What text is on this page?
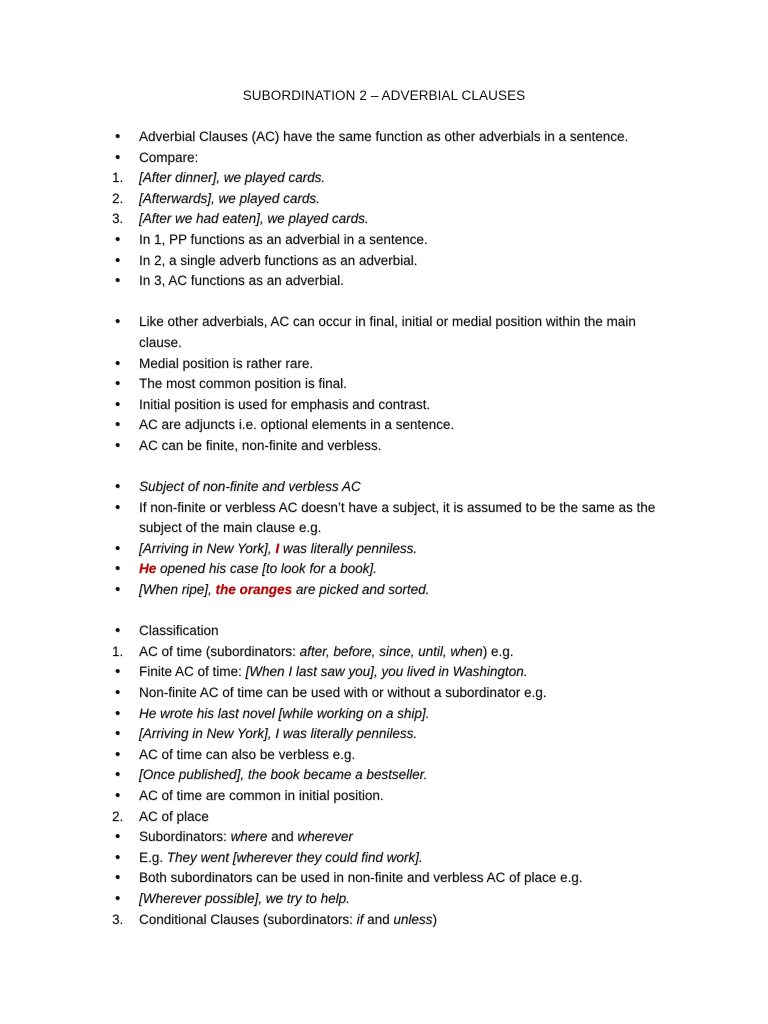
SUBORDINATION 2 – ADVERBIAL CLAUSES
•	Adverbial Clauses (AC) have the same function as other adverbials in a sentence.
•	Compare:
1.	[After dinner], we played cards.
2.	[Afterwards], we played cards.
3.	[After we had eaten], we played cards.
•	In 1, PP functions as an adverbial in a sentence.
•	In 2, a single adverb functions as an adverbial.
•	In 3, AC functions as an adverbial.
•	Like other adverbials, AC can occur in final, initial or medial position within the main clause.
•	Medial position is rather rare.
•	The most common position is final.
•	Initial position is used for emphasis and contrast.
•	AC are adjuncts i.e. optional elements in a sentence.
•	AC can be finite, non-finite and verbless.
•	Subject of non-finite and verbless AC
•	If non-finite or verbless AC doesn’t have a subject, it is assumed to be the same as the subject of the main clause e.g.
•	[Arriving in New York], I was literally penniless.
•	He opened his case [to look for a book].
•	[When ripe], the oranges are picked and sorted.
•	Classification
1.	AC of time (subordinators: after, before, since, until, when) e.g.
•	Finite AC of time: [When I last saw you], you lived in Washington.
•	Non-finite AC of time can be used with or without a subordinator e.g.
•	He wrote his last novel [while working on a ship].
•	[Arriving in New York], I was literally penniless.
•	AC of time can also be verbless e.g.
•	[Once published], the book became a bestseller.
•	AC of time are common in initial position.
2.	AC of place
•	Subordinators: where and wherever
•	E.g. They went [wherever they could find work].
•	Both subordinators can be used in non-finite and verbless AC of place e.g.
•	[Wherever possible], we try to help.
3.	Conditional Clauses (subordinators: if and unless)
